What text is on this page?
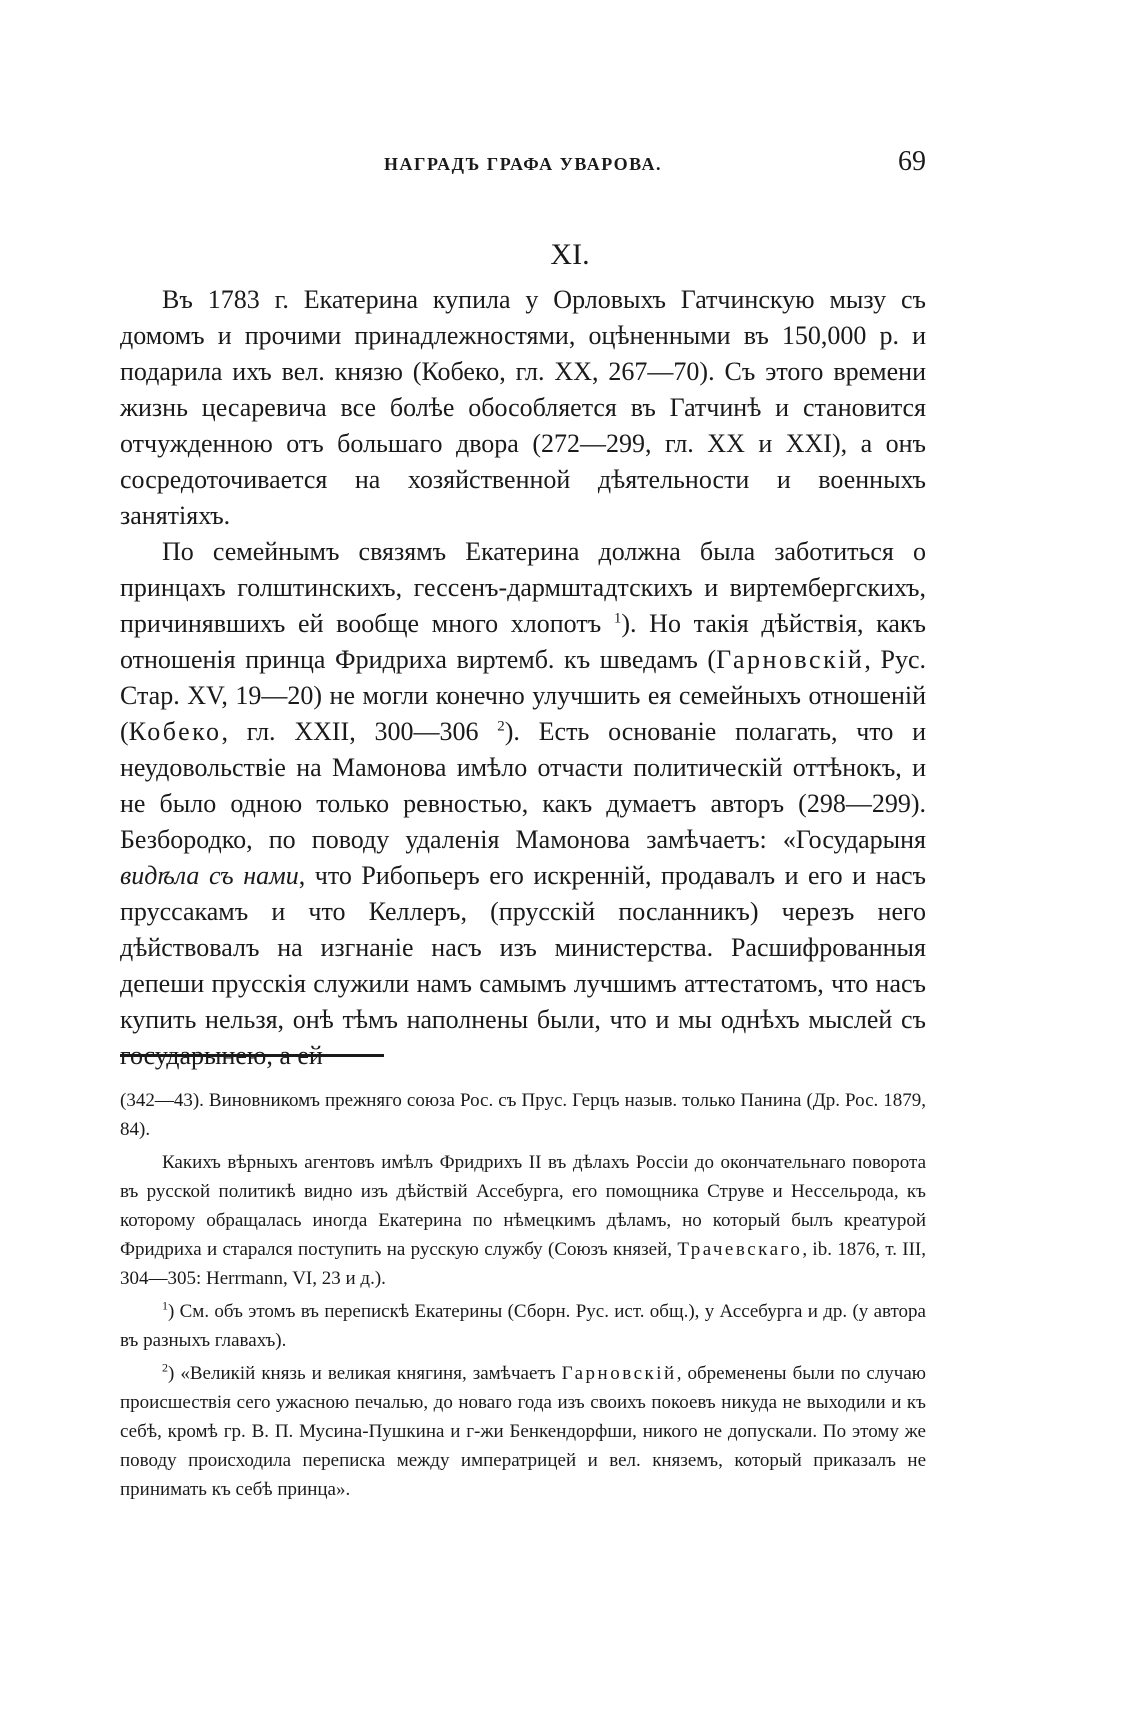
НАГРАДЪ ГРАФА УВАРОВА.	69
XI.

Въ 1783 г. Екатерина купила у Орловыхъ Гатчинскую мызу съ домомъ и прочими принадлежностями, оцѣненными въ 150,000 р. и подарила ихъ вел. князю (Кобеко, гл. XX, 267—70). Съ этого времени жизнь цесаревича все болѣе обособляется въ Гатчинѣ и становится отчужденною отъ большаго двора (272—299, гл. XX и XXI), а онъ сосредоточивается на хозяйственной дѣятельности и военныхъ занятіяхъ.

По семейнымъ связямъ Екатерина должна была заботиться о принцахъ голштинскихъ, гессенъ-дармштадтскихъ и виртембергскихъ, причинявшихъ ей вообще много хлопотъ $^1$). Но такія дѣйствія, какъ отношенія принца Фридриха виртемб. къ шведамъ (Гарновскій, Рус. Стар. XV, 19—20) не могли конечно улучшить ея семейныхъ отношеній (Кобеко, гл. XXII, 300—306 $^2$). Есть основаніе полагать, что и неудовольствіе на Мамонова имѣло отчасти политическій оттѣнокъ, и не было одною только ревностью, какъ думаетъ авторъ (298—299). Безбородко, по поводу удаленія Мамонова замѣчаетъ: «Государыня видѣла съ нами, что Рибопьеръ его искренній, продавалъ и его и насъ пруссакамъ и что Келлеръ, (прусскій посланникъ) черезъ него дѣйствовалъ на изгнаніе насъ изъ министерства. Расшифрованныя депеши прусскія служили намъ самымъ лучшимъ аттестатомъ, что насъ купить нельзя, онѣ тѣмъ наполнены были, что и мы однѣхъ мыслей съ государынею, а ей

(342—43). Виновникомъ прежняго союза Рос. съ Прус. Герцъ назыв. только Панина (Др. Рос. 1879, 84).

Какихъ вѣрныхъ агентовъ имѣлъ Фридрихъ II въ дѣлахъ Россіи до окончательнаго поворота въ русской политикѣ видно изъ дѣйствій Ассебурга, его помощника Струве и Нессельрода, къ которому обращалась иногда Екатерина по нѣмецкимъ дѣламъ, но который былъ креатурой Фридриха и старался поступить на русскую службу (Союзъ князей, Трачевскаго, ib. 1876, т. III, 304—305: Herrmann, VI, 23 и д.).

$^1$) См. объ этомъ въ перепискѣ Екатерины (Сборн. Рус. ист. общ.), у Ассебурга и др. (у автора въ разныхъ главахъ).

$^2$) «Великій князь и великая княгиня, замѣчаетъ Гарновскій, обременены были по случаю происшествія сего ужасною печалью, до новаго года изъ своихъ покоевъ никуда не выходили и къ себѣ, кромѣ гр. В. П. Мусина-Пушкина и г-жи Бенкендорфши, никого не допускали. По этому же поводу происходила переписка между императрицей и вел. княземъ, который приказалъ не принимать къ себѣ принца».
